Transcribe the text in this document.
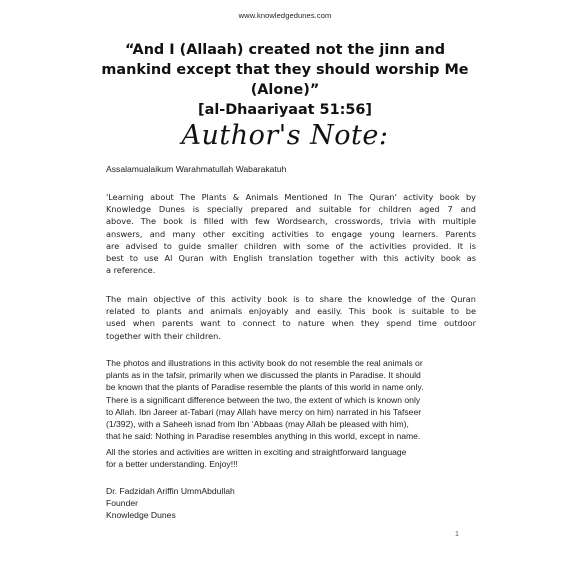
www.knowledgedunes.com
“And I (Allaah) created not the jinn and
mankind except that they should worship Me
(Alone)”
[al-Dhaariyaat 51:56]
Author's Note:
Assalamualaikum Warahmatullah Wabarakatuh
'Learning about The Plants & Animals Mentioned In The Quran' activity book by
Knowledge Dunes is specially prepared and suitable for children aged 7 and
above. The book is filled with few Wordsearch, crosswords, trivia with multiple
answers, and many other exciting activities to engage young learners. Parents
are advised to guide smaller children with some of the activities provided. It is
best to use Al Quran with English translation together with this activity book as
a reference.
The main objective of this activity book is to share the knowledge of the Quran
related to plants and animals enjoyably and easily. This book is suitable to be
used when parents want to connect to nature when they spend time outdoor
together with their children.
The photos and illustrations in this activity book do not resemble the real animals or
plants as in the tafsir, primarily when we discussed the plants in Paradise. It should
be known that the plants of Paradise resemble the plants of this world in name only.
There is a significant difference between the two, the extent of which is known only
to Allah. Ibn Jareer at-Tabari (may Allah have mercy on him) narrated in his Tafseer
(1/392), with a Saheeh isnad from Ibn ‘Abbaas (may Allah be pleased with him),
that he said: Nothing in Paradise resembles anything in this world, except in name.
All the stories and activities are written in exciting and straightforward language
for a better understanding. Enjoy!!!
Dr. Fadzidah Ariffin UmmAbdullah
Founder
Knowledge Dunes
1
